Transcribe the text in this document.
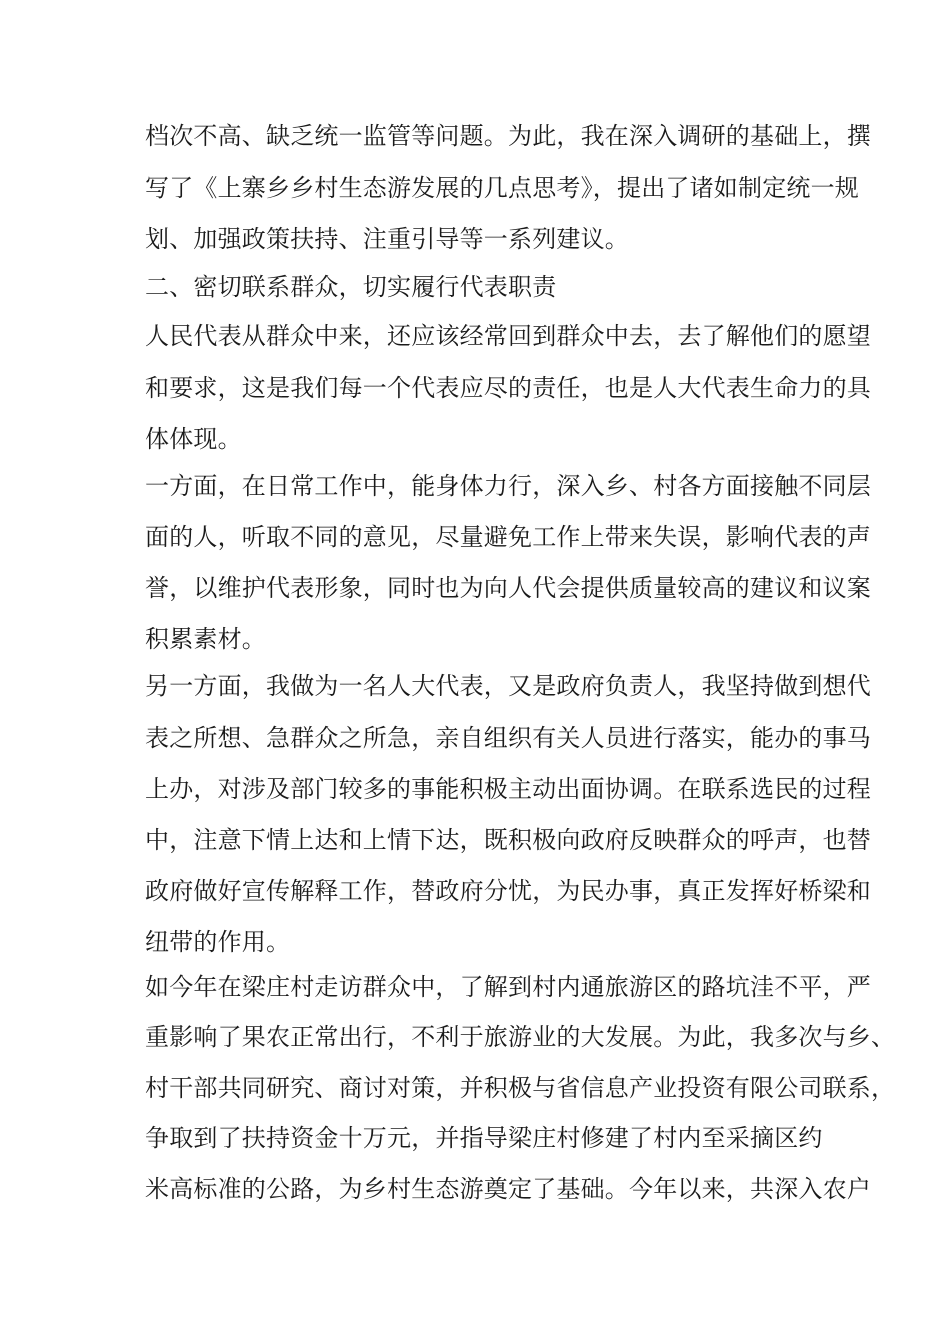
档次不高、缺乏统一监管等问题。为此，我在深入调研的基础上，撰
写了《上寨乡乡村生态游发展的几点思考》，提出了诸如制定统一规
划、加强政策扶持、注重引导等一系列建议。
二、密切联系群众，切实履行代表职责
人民代表从群众中来，还应该经常回到群众中去，去了解他们的愿望
和要求，这是我们每一个代表应尽的责任，也是人大代表生命力的具
体体现。
一方面，在日常工作中，能身体力行，深入乡、村各方面接触不同层
面的人，听取不同的意见，尽量避免工作上带来失误，影响代表的声
誉，以维护代表形象，同时也为向人代会提供质量较高的建议和议案
积累素材。
另一方面，我做为一名人大代表，又是政府负责人，我坚持做到想代
表之所想、急群众之所急，亲自组织有关人员进行落实，能办的事马
上办，对涉及部门较多的事能积极主动出面协调。在联系选民的过程
中，注意下情上达和上情下达，既积极向政府反映群众的呼声，也替
政府做好宣传解释工作，替政府分忧，为民办事，真正发挥好桥梁和
纽带的作用。
如今年在梁庄村走访群众中，了解到村内通旅游区的路坑洼不平，严
重影响了果农正常出行，不利于旅游业的大发展。为此，我多次与乡、
村干部共同研究、商讨对策，并积极与省信息产业投资有限公司联系，
争取到了扶持资金十万元，并指导梁庄村修建了村内至采摘区约
米高标准的公路，为乡村生态游奠定了基础。今年以来，共深入农户
